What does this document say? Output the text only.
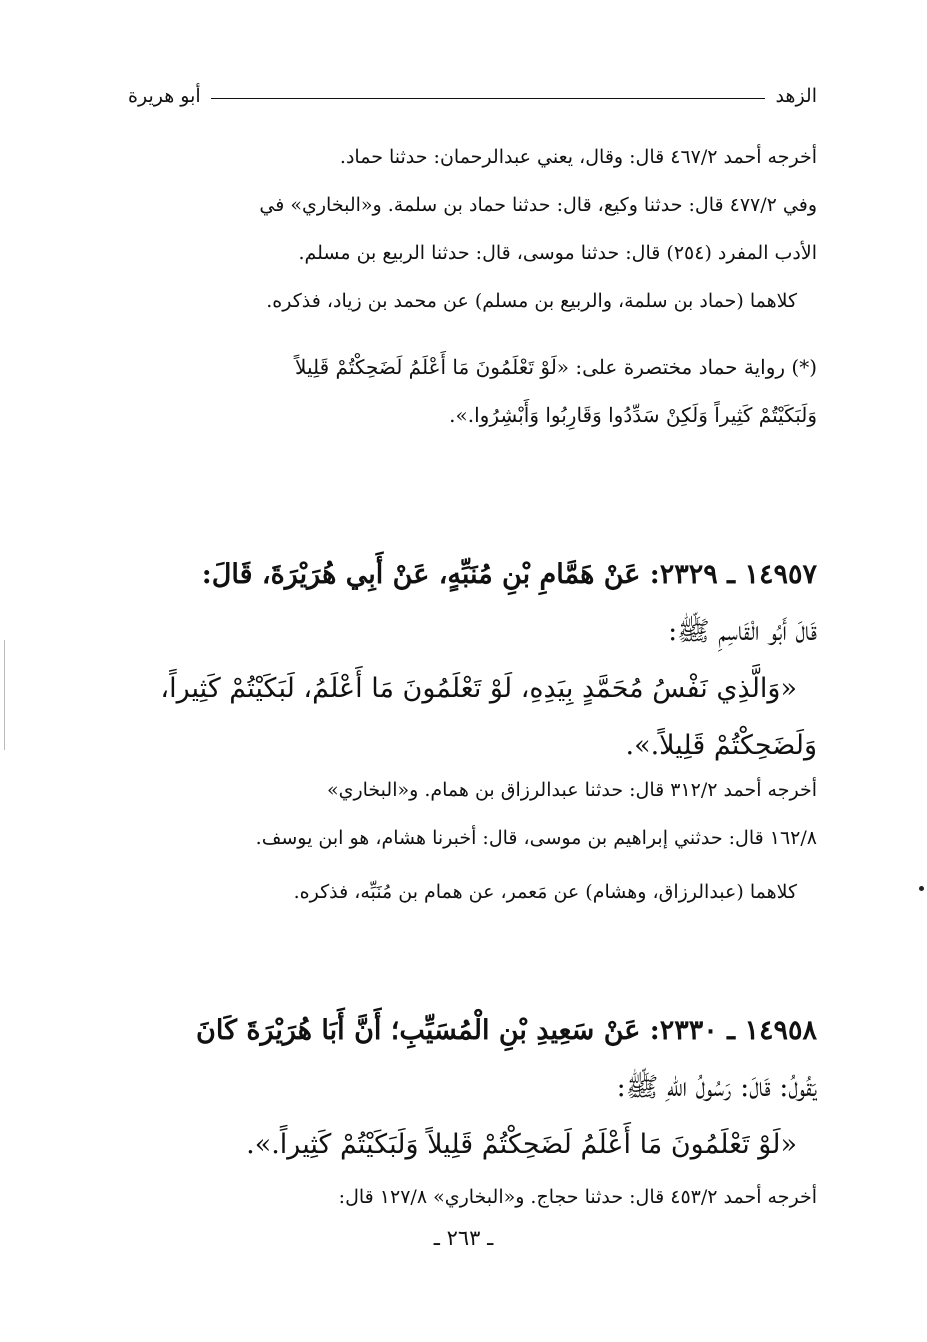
الزهد
أبو هريرة
أخرجه أحمد ٤٦٧/٢ قال: وقال، يعني عبدالرحمان: حدثنا حماد.
وفي ٤٧٧/٢ قال: حدثنا وكيع، قال: حدثنا حماد بن سلمة. و«البخاري» في
الأدب المفرد (٢٥٤) قال: حدثنا موسى، قال: حدثنا الربيع بن مسلم.
كلاهما (حماد بن سلمة، والربيع بن مسلم) عن محمد بن زياد، فذكره.
(*) رواية حماد مختصرة على: «لَوْ تَعْلَمُونَ مَا أَعْلَمُ لَضَحِكْتُمْ قَلِيلاً
وَلَبَكَيْتُمْ كَثِيراً وَلَكِنْ سَدِّدُوا وَقَارِبُوا وَأَبْشِرُوا.».
١٤٩٥٧ ـ ٢٣٢٩: عَنْ هَمَّامِ بْنِ مُنَبِّهٍ، عَنْ أَبِي هُرَيْرَةَ، قَالَ:
قَالَ أَبُو الْقَاسِمِ ﷺ:
«وَالَّذِي نَفْسُ مُحَمَّدٍ بِيَدِهِ، لَوْ تَعْلَمُونَ مَا أَعْلَمُ، لَبَكَيْتُمْ كَثِيراً،
وَلَضَحِكْتُمْ قَلِيلاً.».
أخرجه أحمد ٣١٢/٢ قال: حدثنا عبدالرزاق بن همام. و«البخاري»
١٦٢/٨ قال: حدثني إبراهيم بن موسى، قال: أخبرنا هشام، هو ابن يوسف.
كلاهما (عبدالرزاق، وهشام) عن مَعمر، عن همام بن مُنَبِّه، فذكره.
١٤٩٥٨ ـ ٢٣٣٠: عَنْ سَعِيدِ بْنِ الْمُسَيِّبِ؛ أَنَّ أَبَا هُرَيْرَةَ كَانَ
يَقُولُ: قَالَ: رَسُولُ اللهِ ﷺ:
«لَوْ تَعْلَمُونَ مَا أَعْلَمُ لَضَحِكْتُمْ قَلِيلاً وَلَبَكَيْتُمْ كَثِيراً.».
أخرجه أحمد ٤٥٣/٢ قال: حدثنا حجاج. و«البخاري» ١٢٧/٨ قال:
ـ ٢٦٣ ـ
